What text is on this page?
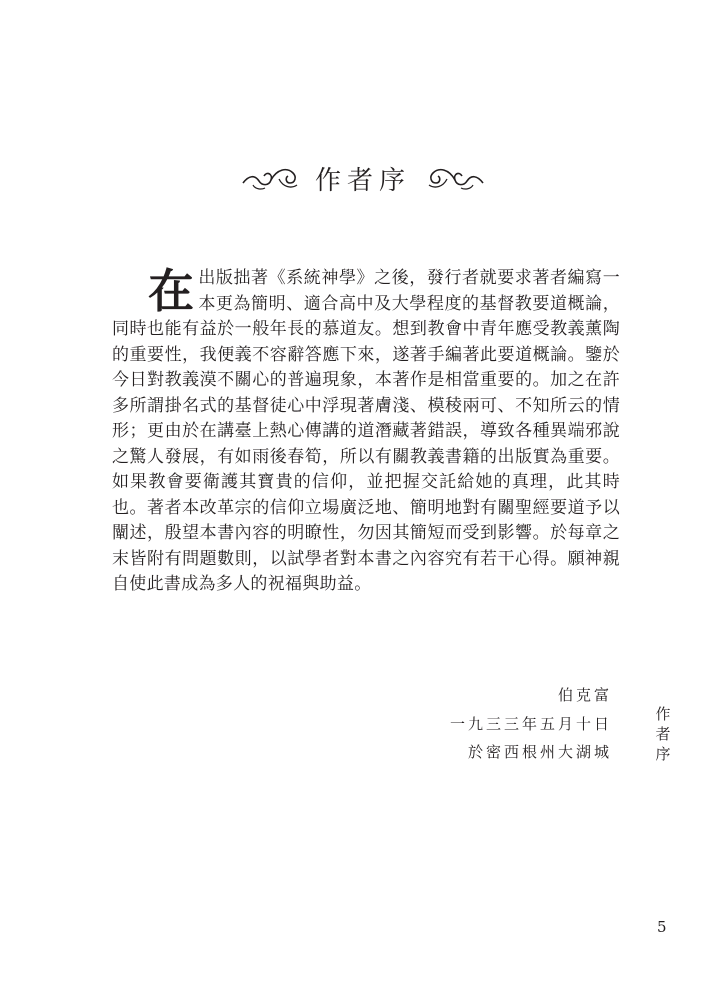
作者序

在出版拙著《系統神學》之後，發行者就要求著者編寫一本更為簡明、適合高中及大學程度的基督教要道概論，同時也能有益於一般年長的慕道友。想到教會中青年應受教義薰陶的重要性，我便義不容辭答應下來，遂著手編著此要道概論。鑒於今日對教義漠不關心的普遍現象，本著作是相當重要的。加之在許多所謂掛名式的基督徒心中浮現著膚淺、模稜兩可、不知所云的情形；更由於在講臺上熱心傳講的道潛藏著錯誤，導致各種異端邪說之驚人發展，有如雨後春筍，所以有關教義書籍的出版實為重要。如果教會要衛護其寶貴的信仰，並把握交託給她的真理，此其時也。著者本改革宗的信仰立場廣泛地、簡明地對有關聖經要道予以闡述，殷望本書內容的明瞭性，勿因其簡短而受到影響。於每章之末皆附有問題數則，以試學者對本書之內容究有若干心得。願神親自使此書成為多人的祝福與助益。

伯克富
一九三三年五月十日
於密西根州大湖城
作
者
序
5
